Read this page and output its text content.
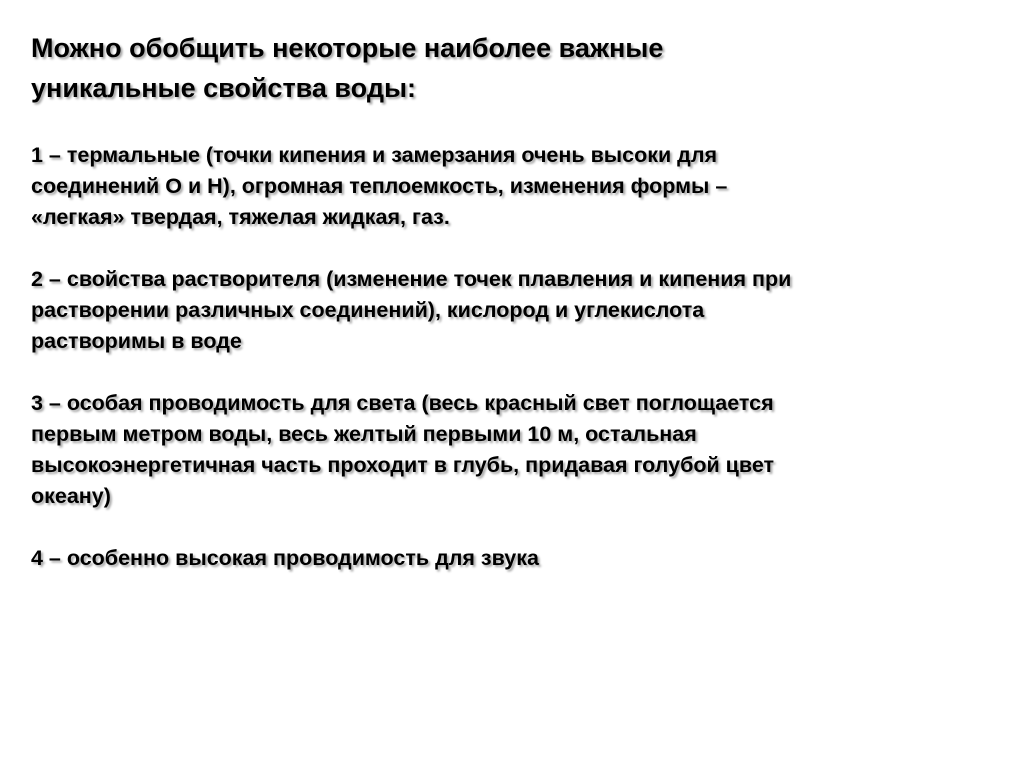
Можно обобщить некоторые наиболее важные
уникальные свойства воды:
1 – термальные (точки кипения и замерзания очень высоки для
соединений О и Н), огромная теплоемкость, изменения формы –
«легкая» твердая, тяжелая жидкая, газ.
2 – свойства растворителя (изменение точек плавления и кипения при
растворении различных соединений), кислород и углекислота
растворимы в воде
3 – особая проводимость для света (весь красный свет поглощается
первым метром воды, весь желтый первыми 10 м, остальная
высокоэнергетичная часть проходит в глубь, придавая голубой цвет
океану)
4 – особенно высокая проводимость для звука
